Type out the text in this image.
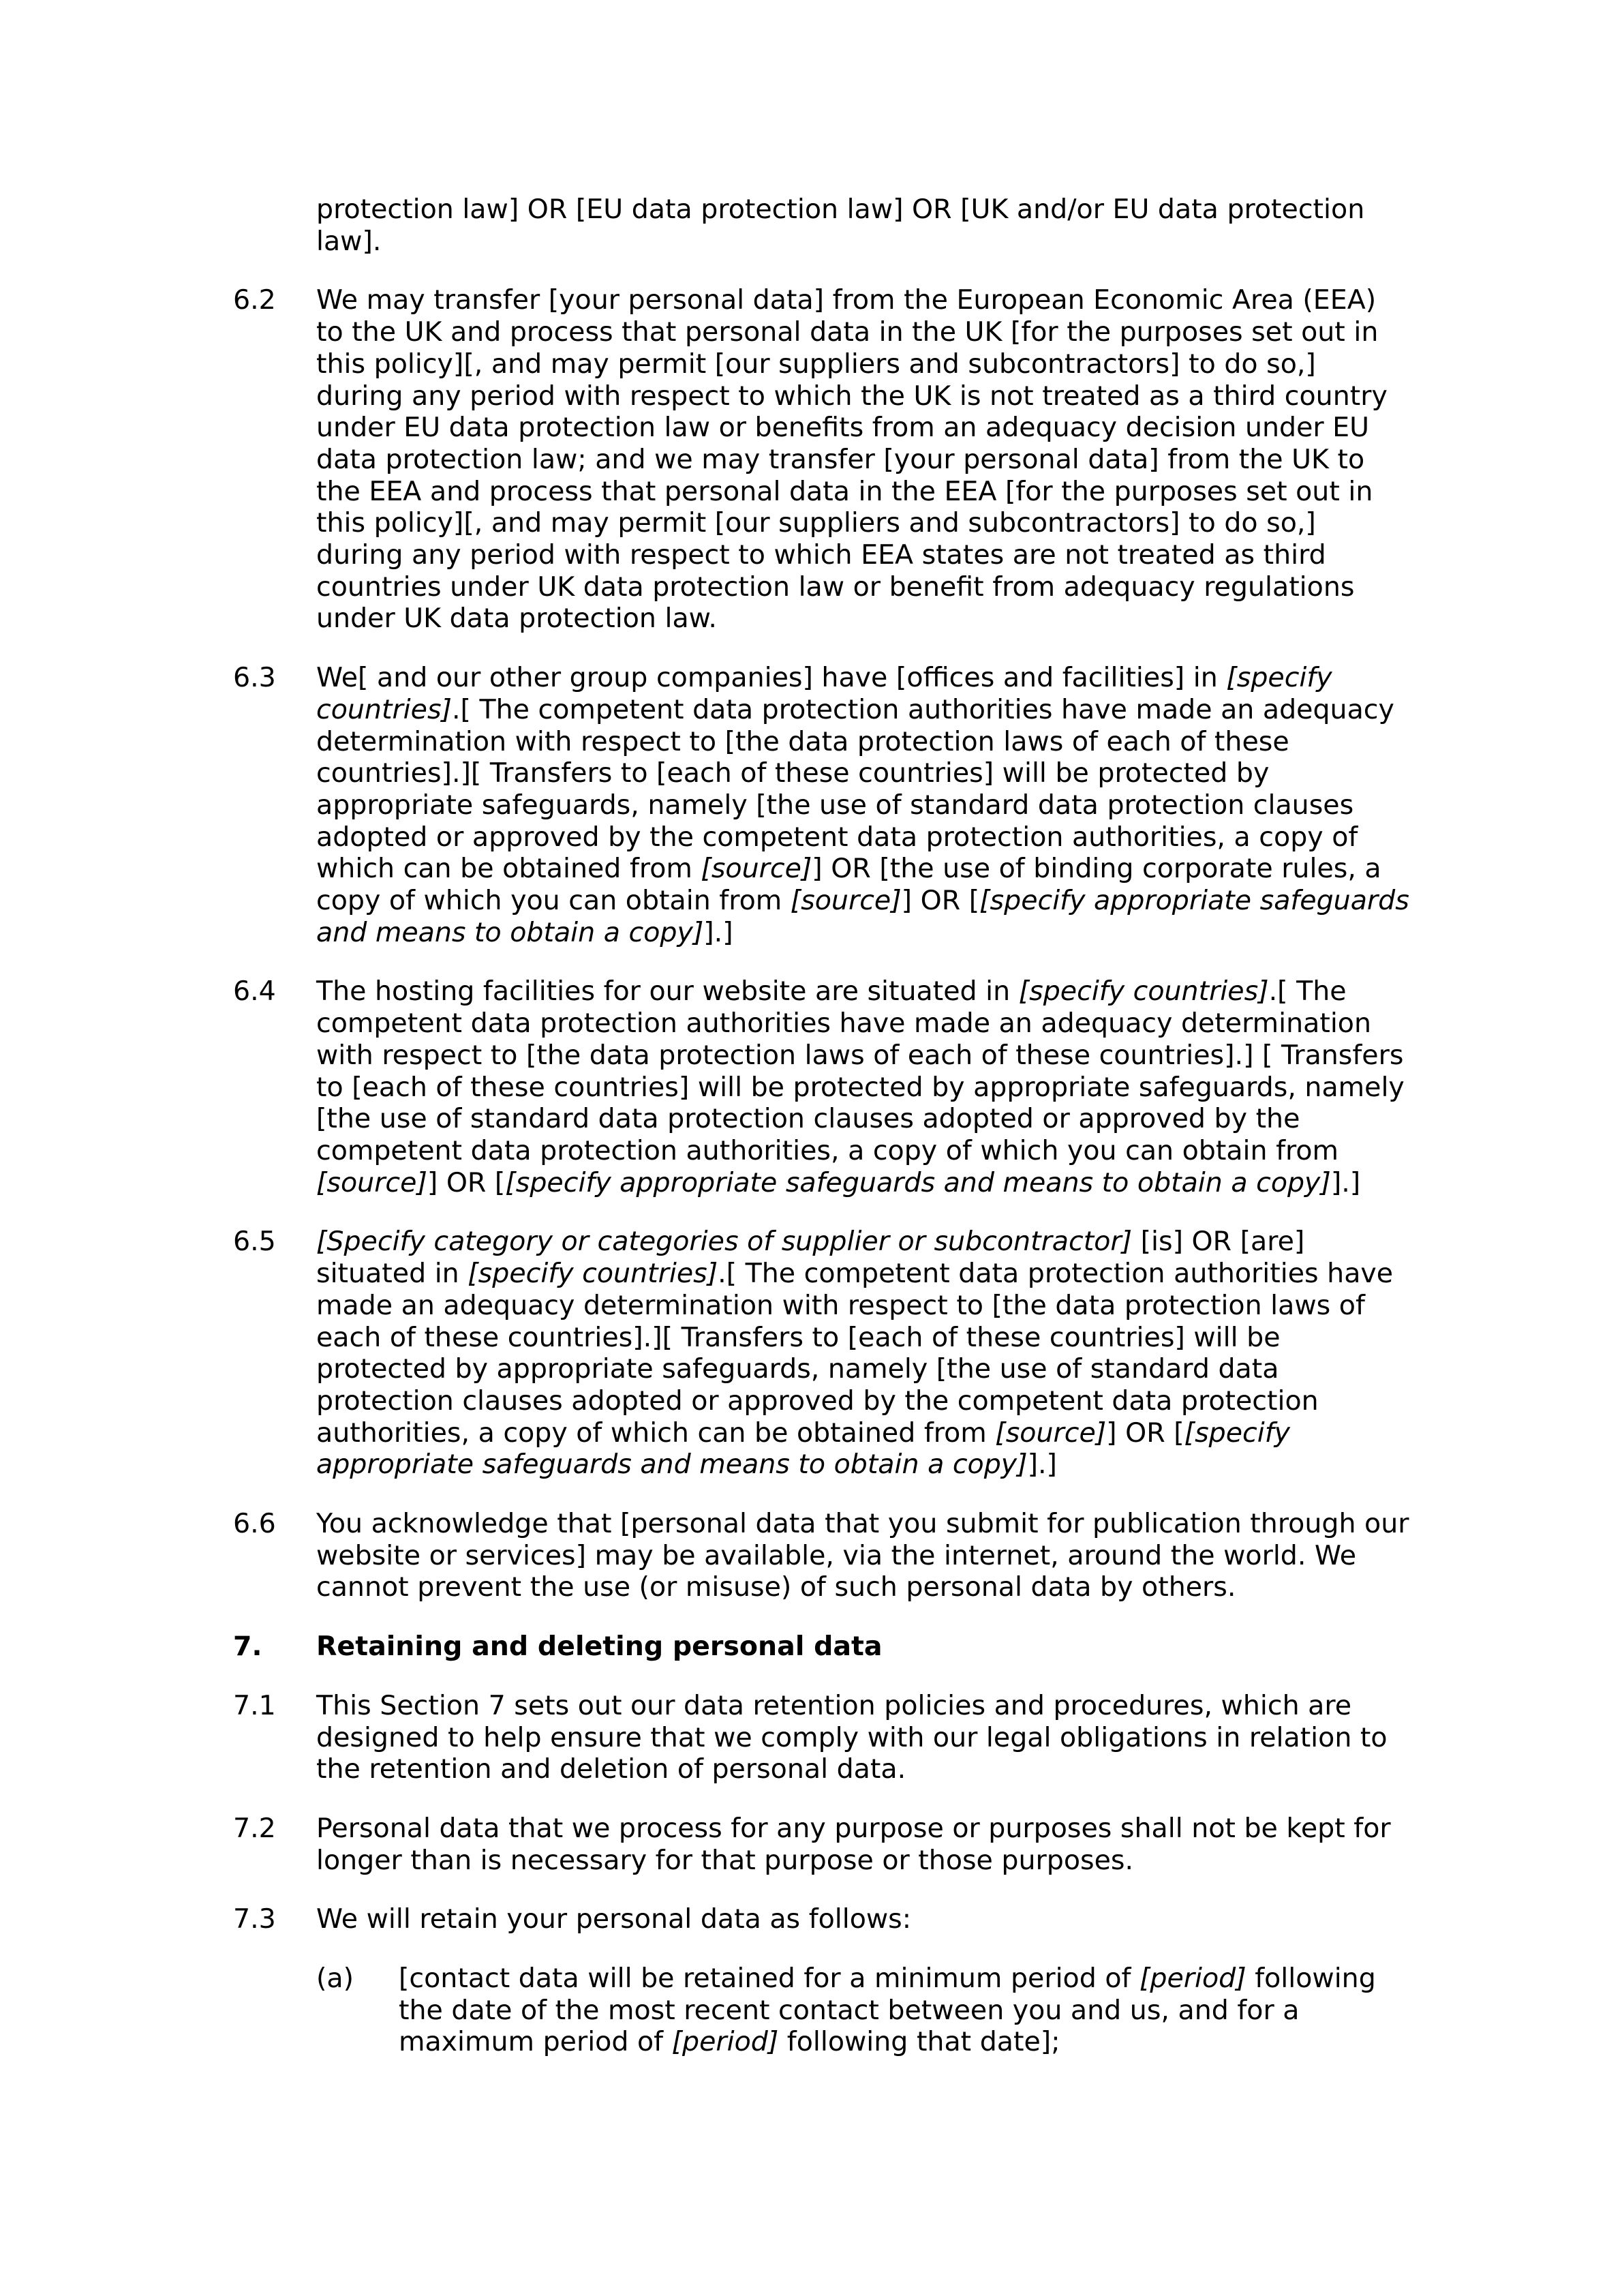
protection law] OR [EU data protection law] OR [UK and/or EU data protection law].
6.2 We may transfer [your personal data] from the European Economic Area (EEA) to the UK and process that personal data in the UK [for the purposes set out in this policy][, and may permit [our suppliers and subcontractors] to do so,] during any period with respect to which the UK is not treated as a third country under EU data protection law or benefits from an adequacy decision under EU data protection law; and we may transfer [your personal data] from the UK to the EEA and process that personal data in the EEA [for the purposes set out in this policy][, and may permit [our suppliers and subcontractors] to do so,] during any period with respect to which EEA states are not treated as third countries under UK data protection law or benefit from adequacy regulations under UK data protection law.
6.3 We[ and our other group companies] have [offices and facilities] in [specify countries].[ The competent data protection authorities have made an adequacy determination with respect to [the data protection laws of each of these countries].][ Transfers to [each of these countries] will be protected by appropriate safeguards, namely [the use of standard data protection clauses adopted or approved by the competent data protection authorities, a copy of which can be obtained from [source]] OR [the use of binding corporate rules, a copy of which you can obtain from [source]] OR [[specify appropriate safeguards and means to obtain a copy]].]
6.4 The hosting facilities for our website are situated in [specify countries].[ The competent data protection authorities have made an adequacy determination with respect to [the data protection laws of each of these countries].] [ Transfers to [each of these countries] will be protected by appropriate safeguards, namely [the use of standard data protection clauses adopted or approved by the competent data protection authorities, a copy of which you can obtain from [source]] OR [[specify appropriate safeguards and means to obtain a copy]].]
6.5 [Specify category or categories of supplier or subcontractor] [is] OR [are] situated in [specify countries].[ The competent data protection authorities have made an adequacy determination with respect to [the data protection laws of each of these countries].][ Transfers to [each of these countries] will be protected by appropriate safeguards, namely [the use of standard data protection clauses adopted or approved by the competent data protection authorities, a copy of which can be obtained from [source]] OR [[specify appropriate safeguards and means to obtain a copy]].]
6.6 You acknowledge that [personal data that you submit for publication through our website or services] may be available, via the internet, around the world. We cannot prevent the use (or misuse) of such personal data by others.
7. Retaining and deleting personal data
7.1 This Section 7 sets out our data retention policies and procedures, which are designed to help ensure that we comply with our legal obligations in relation to the retention and deletion of personal data.
7.2 Personal data that we process for any purpose or purposes shall not be kept for longer than is necessary for that purpose or those purposes.
7.3 We will retain your personal data as follows:
(a) [contact data will be retained for a minimum period of [period] following the date of the most recent contact between you and us, and for a maximum period of [period] following that date];
